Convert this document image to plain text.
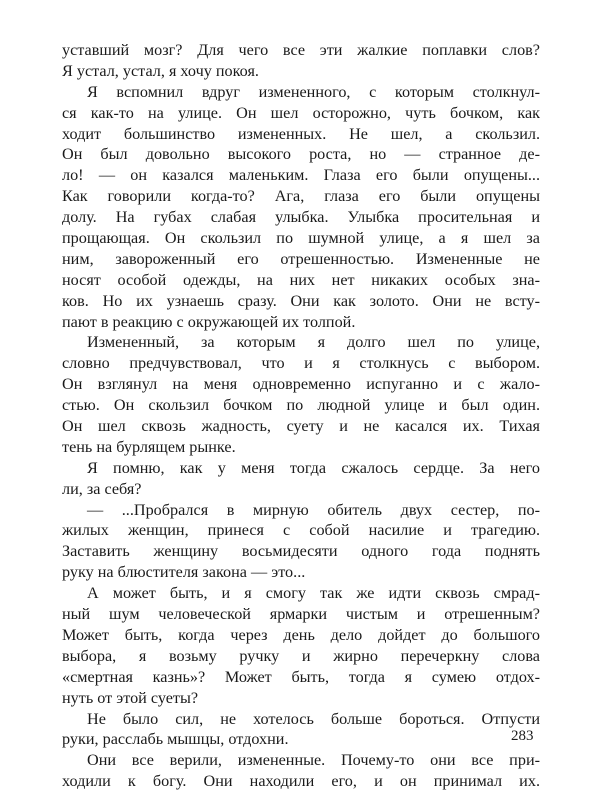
уставший мозг? Для чего все эти жалкие поплавки слов?
Я устал, устал, я хочу покоя.
Я вспомнил вдруг измененного, с которым столкнул-
ся как-то на улице. Он шел осторожно, чуть бочком, как
ходит большинство измененных. Не шел, а скользил.
Он был довольно высокого роста, но — странное де-
ло! — он казался маленьким. Глаза его были опущены...
Как говорили когда-то? Ага, глаза его были опущены
долу. На губах слабая улыбка. Улыбка просительная и
прощающая. Он скользил по шумной улице, а я шел за
ним, завороженный его отрешенностью. Измененные не
носят особой одежды, на них нет никаких особых зна-
ков. Но их узнаешь сразу. Они как золото. Они не всту-
пают в реакцию с окружающей их толпой.
Измененный, за которым я долго шел по улице,
словно предчувствовал, что и я столкнусь с выбором.
Он взглянул на меня одновременно испуганно и с жало-
стью. Он скользил бочком по людной улице и был один.
Он шел сквозь жадность, суету и не касался их. Тихая
тень на бурлящем рынке.
Я помню, как у меня тогда сжалось сердце. За него
ли, за себя?
— ...Пробрался в мирную обитель двух сестер, по-
жилых женщин, принеся с собой насилие и трагедию.
Заставить женщину восьмидесяти одного года поднять
руку на блюстителя закона — это...
А может быть, и я смогу так же идти сквозь смрад-
ный шум человеческой ярмарки чистым и отрешенным?
Может быть, когда через день дело дойдет до большого
выбора, я возьму ручку и жирно перечеркну слова
«смертная казнь»? Может быть, тогда я сумею отдох-
нуть от этой суеты?
Не было сил, не хотелось больше бороться. Отпусти
руки, расслабь мышцы, отдохни.
Они все верили, измененные. Почему-то они все при-
ходили к богу. Они находили его, и он принимал их.
283
